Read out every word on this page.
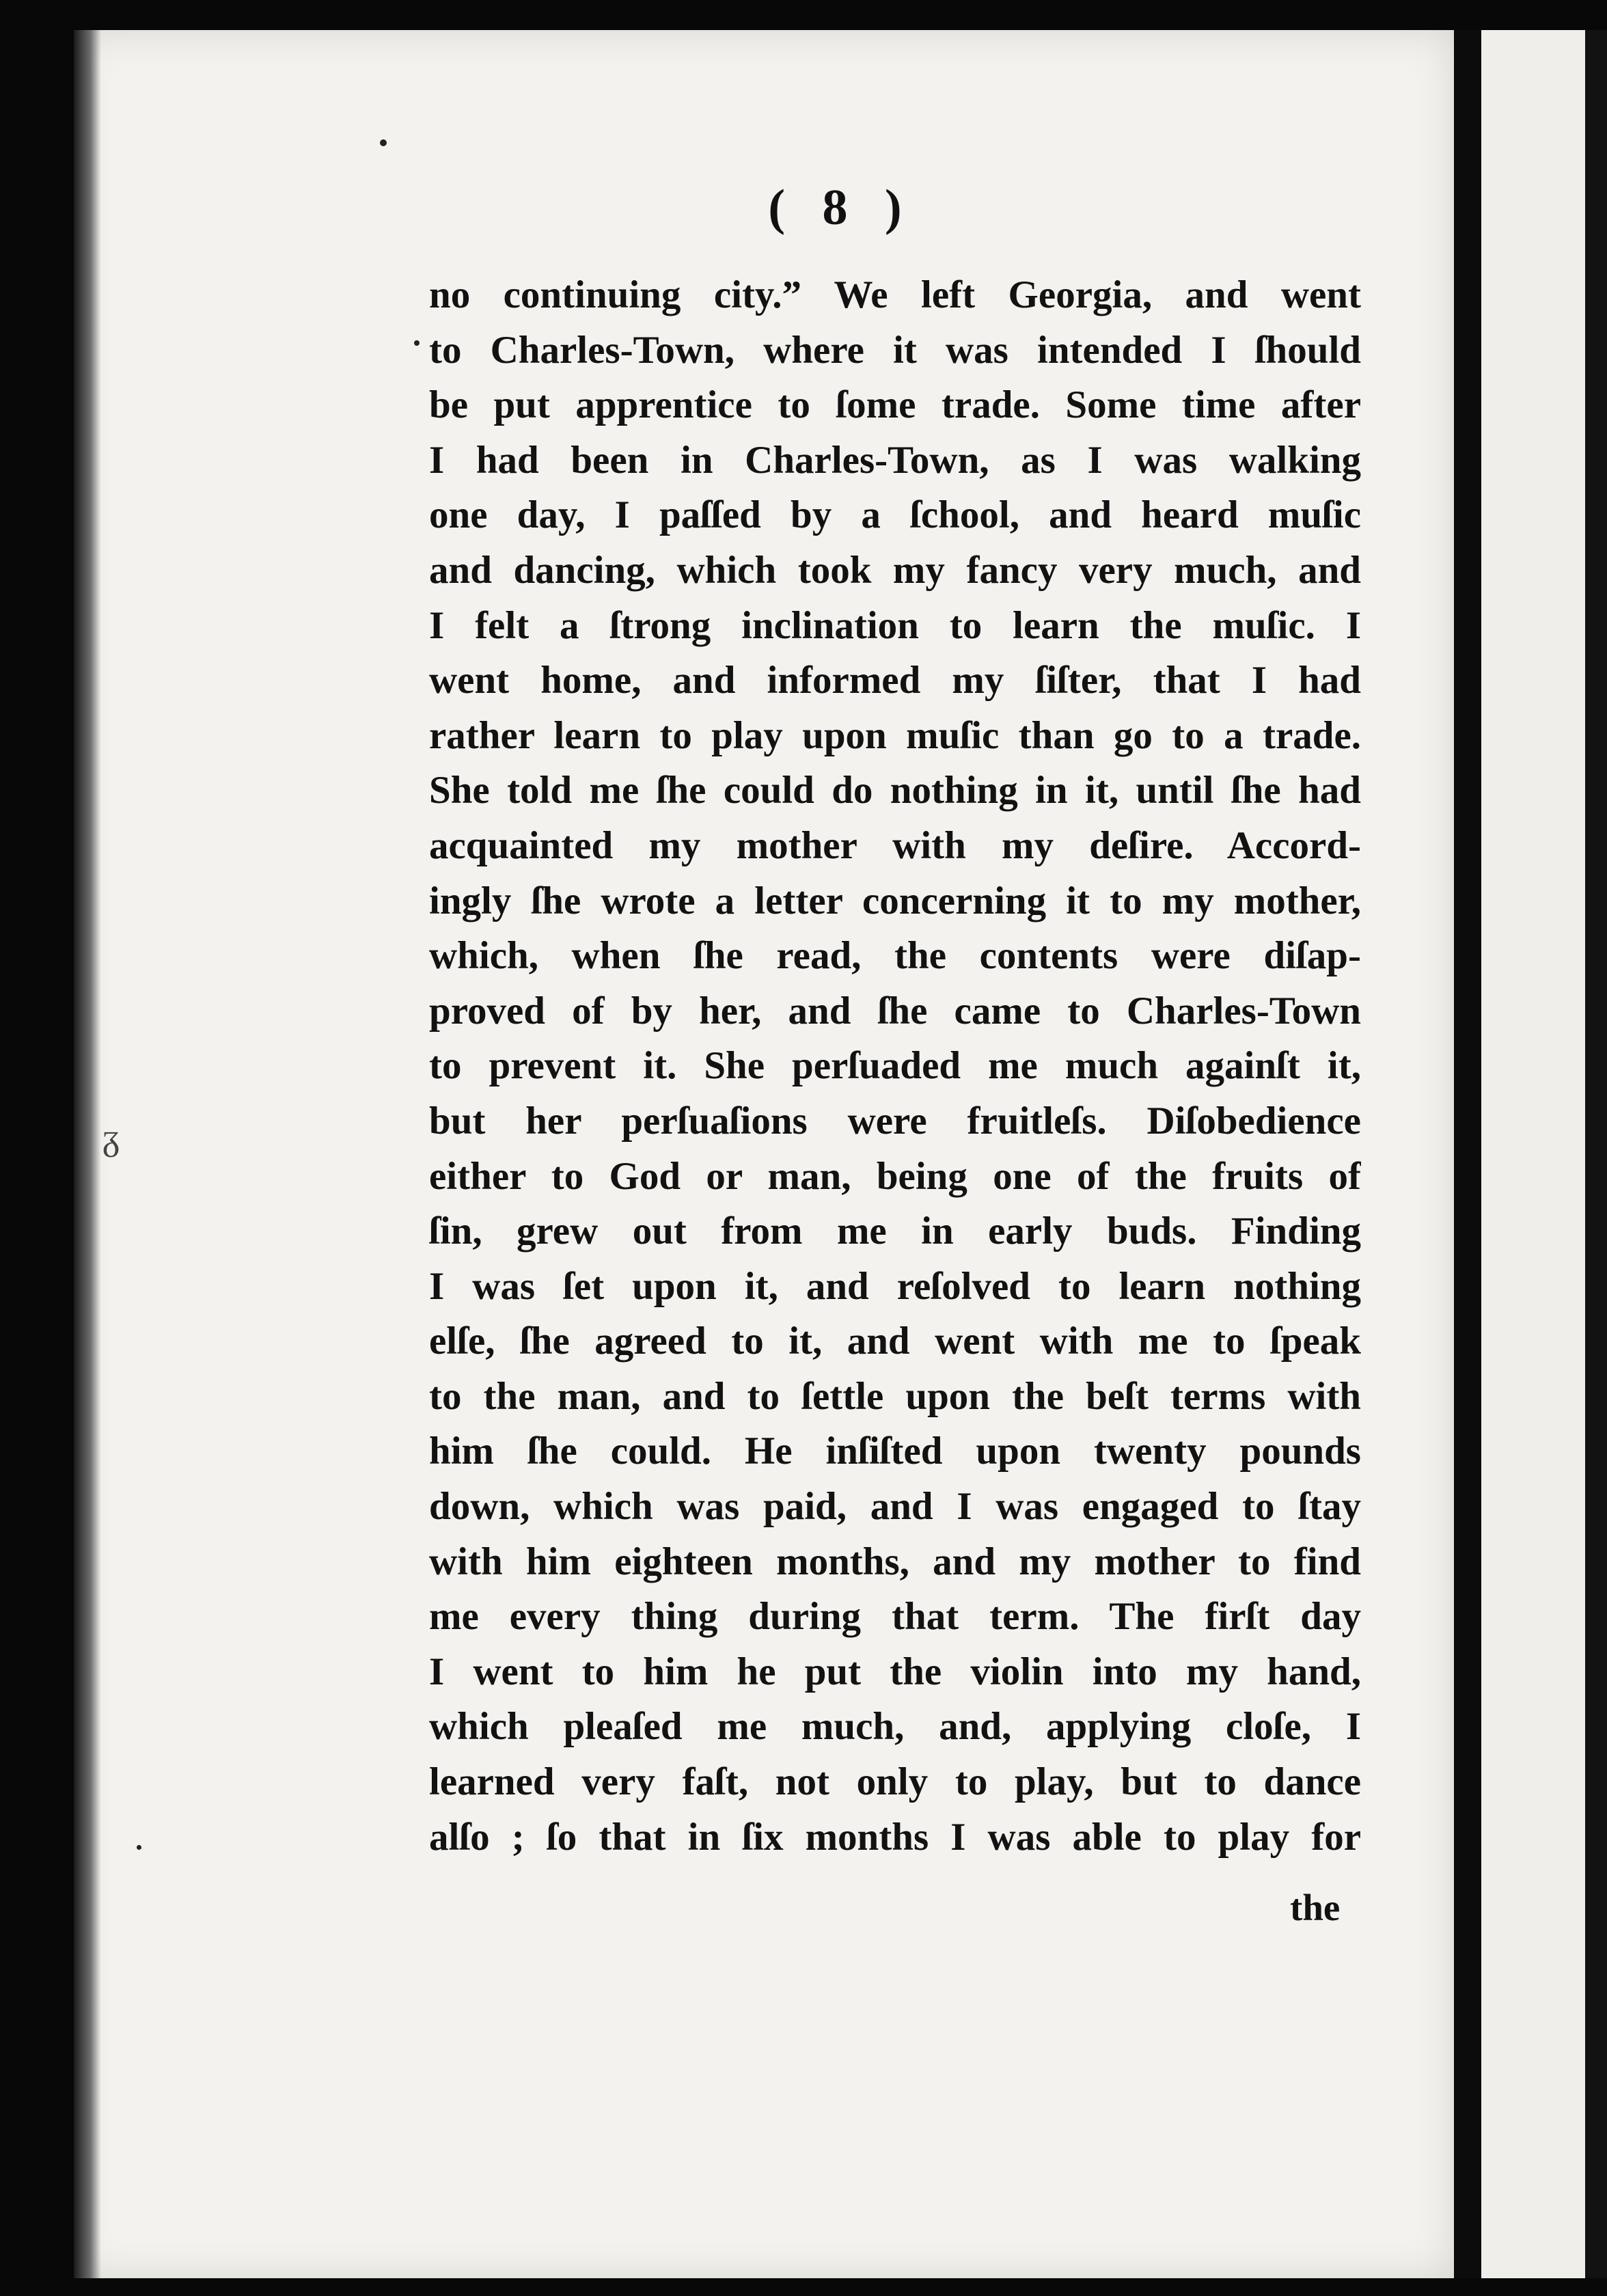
ᵹ
( 8 )
no continuing city.” We left Georgia, and went
to Charles-Town, where it was intended I ſhould
be put apprentice to ſome trade. Some time after
I had been in Charles-Town, as I was walking
one day, I paſſed by a ſchool, and heard muſic
and dancing, which took my fancy very much, and
I felt a ſtrong inclination to learn the muſic. I
went home, and informed my ſiſter, that I had
rather learn to play upon muſic than go to a trade.
She told me ſhe could do nothing in it, until ſhe had
acquainted my mother with my deſire. Accord-
ingly ſhe wrote a letter concerning it to my mother,
which, when ſhe read, the contents were diſap-
proved of by her, and ſhe came to Charles-Town
to prevent it. She perſuaded me much againſt it,
but her perſuaſions were fruitleſs. Diſobedience
either to God or man, being one of the fruits of
ſin, grew out from me in early buds. Finding
I was ſet upon it, and reſolved to learn nothing
elſe, ſhe agreed to it, and went with me to ſpeak
to the man, and to ſettle upon the beſt terms with
him ſhe could. He inſiſted upon twenty pounds
down, which was paid, and I was engaged to ſtay
with him eighteen months, and my mother to find
me every thing during that term. The firſt day
I went to him he put the violin into my hand,
which pleaſed me much, and, applying cloſe, I
learned very faſt, not only to play, but to dance
alſo ; ſo that in ſix months I was able to play for
the
